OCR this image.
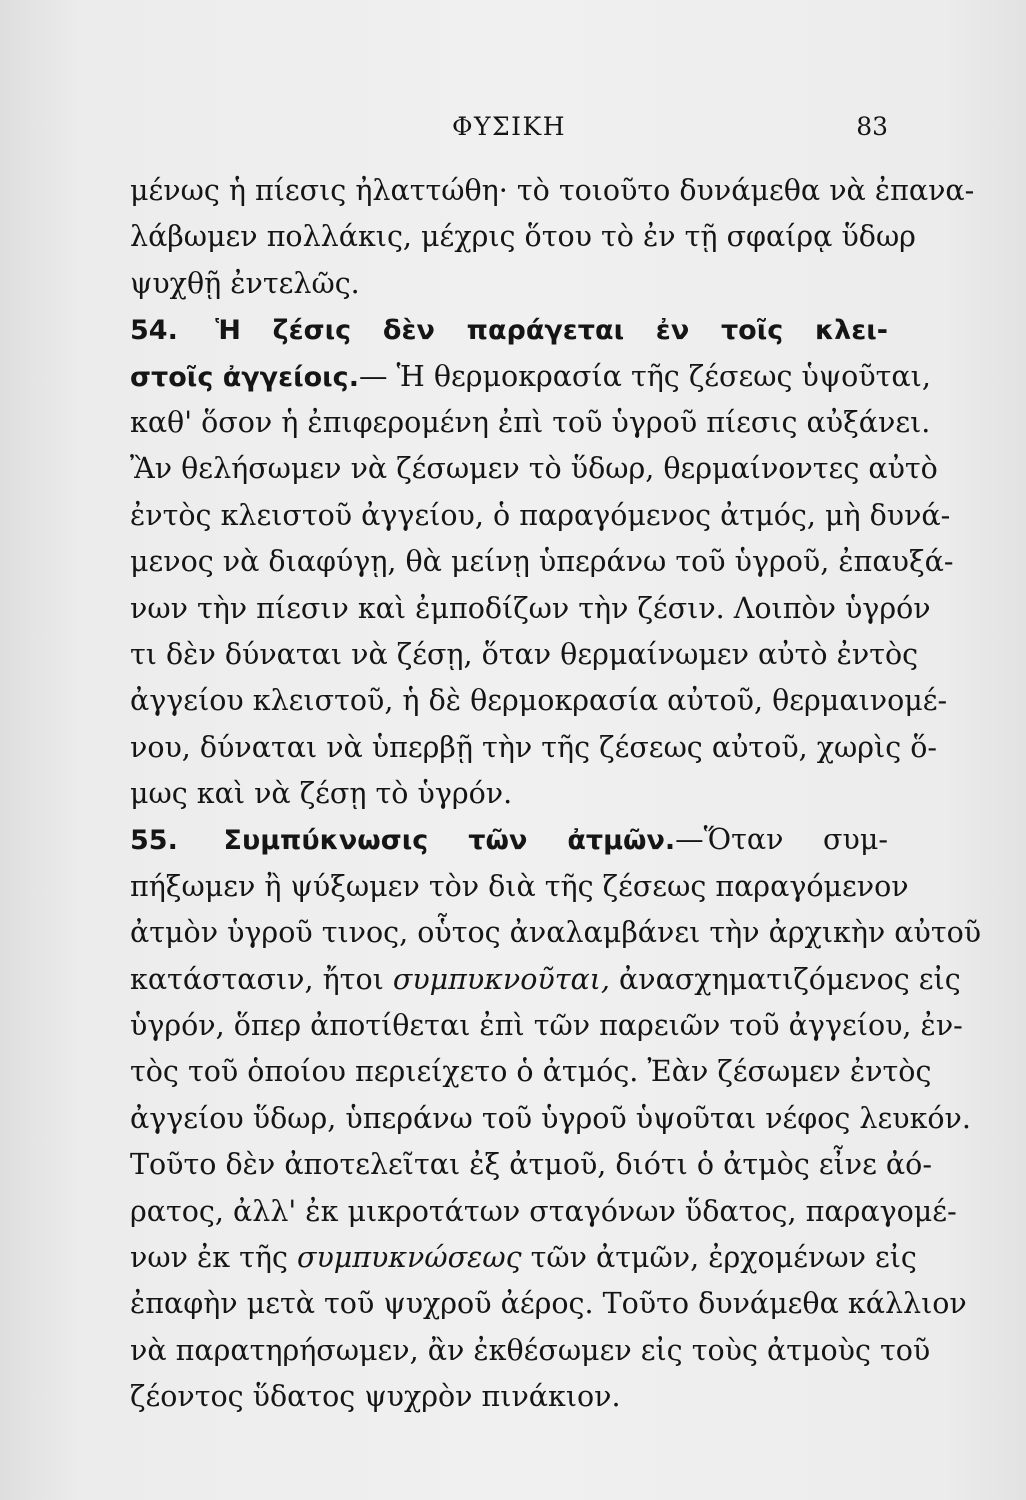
ΦΥΣΙΚΗ	83
μένως ἡ πίεσις ἠλαττώθη· τὸ τοιοῦτο δυνάμεθα νὰ ἐπανα-
λάβωμεν πολλάκις, μέχρις ὅτου τὸ ἐν τῇ σφαίρᾳ ὕδωρ
ψυχθῇ ἐντελῶς.
54. Ἡ ζέσις δὲν παράγεται ἐν τοῖς κλει-
στοῖς ἀγγείοις.— Ἡ θερμοκρασία τῆς ζέσεως ὑψοῦται,
καθ' ὅσον ἡ ἐπιφερομένη ἐπὶ τοῦ ὑγροῦ πίεσις αὐξάνει.
Ἂν θελήσωμεν νὰ ζέσωμεν τὸ ὕδωρ, θερμαίνοντες αὐτὸ
ἐντὸς κλειστοῦ ἀγγείου, ὁ παραγόμενος ἀτμός, μὴ δυνά-
μενος νὰ διαφύγῃ, θὰ μείνῃ ὑπεράνω τοῦ ὑγροῦ, ἐπαυξά-
νων τὴν πίεσιν καὶ ἐμποδίζων τὴν ζέσιν. Λοιπὸν ὑγρόν
τι δὲν δύναται νὰ ζέσῃ, ὅταν θερμαίνωμεν αὐτὸ ἐντὸς
ἀγγείου κλειστοῦ, ἡ δὲ θερμοκρασία αὐτοῦ, θερμαινομέ-
νου, δύναται νὰ ὑπερβῇ τὴν τῆς ζέσεως αὐτοῦ, χωρὶς ὅ-
μως καὶ νὰ ζέσῃ τὸ ὑγρόν.
55. Συμπύκνωσις τῶν ἀτμῶν.—Ὅταν συμ-
πήξωμεν ἢ ψύξωμεν τὸν διὰ τῆς ζέσεως παραγόμενον
ἀτμὸν ὑγροῦ τινος, οὗτος ἀναλαμβάνει τὴν ἀρχικὴν αὐτοῦ
κατάστασιν, ἤτοι συμπυκνοῦται, ἀνασχηματιζόμενος εἰς
ὑγρόν, ὅπερ ἀποτίθεται ἐπὶ τῶν παρειῶν τοῦ ἀγγείου, ἐν-
τὸς τοῦ ὁποίου περιείχετο ὁ ἀτμός. Ἐὰν ζέσωμεν ἐντὸς
ἀγγείου ὕδωρ, ὑπεράνω τοῦ ὑγροῦ ὑψοῦται νέφος λευκόν.
Τοῦτο δὲν ἀποτελεῖται ἐξ ἀτμοῦ, διότι ὁ ἀτμὸς εἶνε ἀό-
ρατος, ἀλλ' ἐκ μικροτάτων σταγόνων ὕδατος, παραγομέ-
νων ἐκ τῆς συμπυκνώσεως τῶν ἀτμῶν, ἐρχομένων εἰς
ἐπαφὴν μετὰ τοῦ ψυχροῦ ἀέρος. Τοῦτο δυνάμεθα κάλλιον
νὰ παρατηρήσωμεν, ἂν ἐκθέσωμεν εἰς τοὺς ἀτμοὺς τοῦ
ζέοντος ὕδατος ψυχρὸν πινάκιον.
